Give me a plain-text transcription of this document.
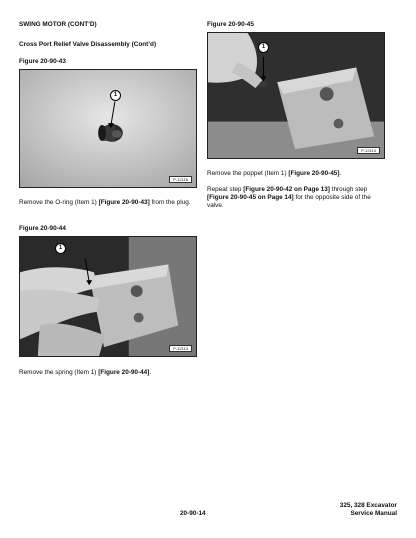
SWING MOTOR (CONT’D)
Cross Port Relief Valve Disassembly (Cont’d)
Figure 20-90-43
1
P-12116
Remove the O-ring (Item 1) [Figure 20-90-43] from the plug.
Figure 20-90-44
1
P-12113
Remove the spring (Item 1) [Figure 20-90-44].
Figure 20-90-45
1
P-12114
Remove the poppet (Item 1) [Figure 20-90-45].
Repeat step [Figure 20-90-42 on Page 13] through step [Figure 20-90-45 on Page 14] for the opposite side of the valve.
20-90-14
325, 328 Excavator
Service Manual
